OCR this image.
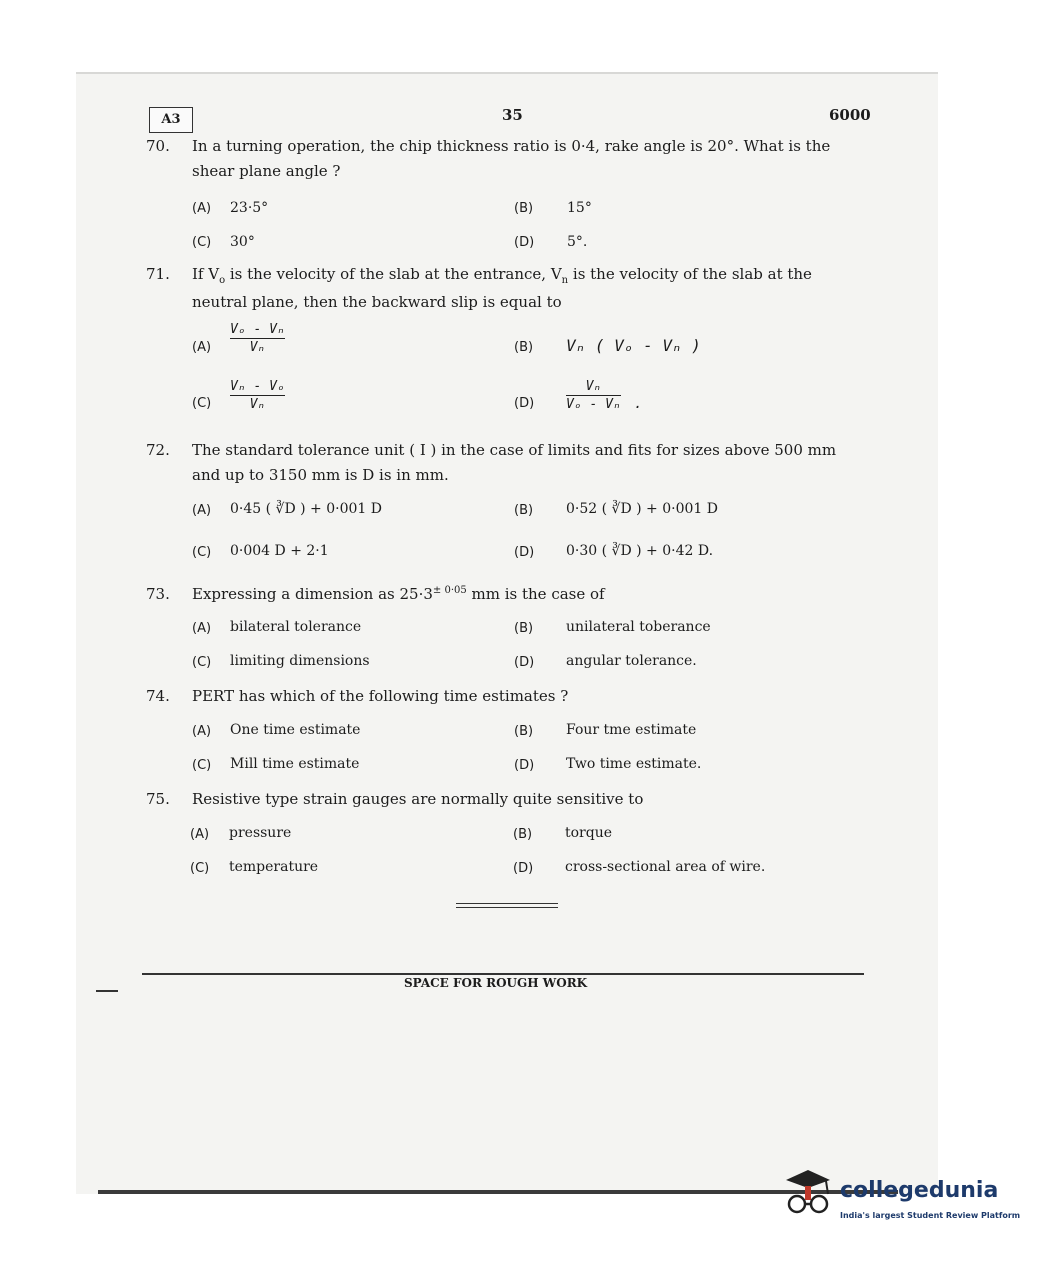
A3	35	6000
70. In a turning operation, the chip thickness ratio is 0·4, rake angle is 20°. What is the
shear plane angle ?
(A) 23·5°	(B) 15°
(C) 30°	(D) 5°.
71. If $V_o$ is the velocity of the slab at the entrance, $V_n$ is the velocity of the slab at the
neutral plane, then the backward slip is equal to
(A)
Vₒ - Vₙ
Vₙ	(B) Vₙ ( Vₒ - Vₙ )
(C)
Vₙ - Vₒ
Vₙ	(D)
Vₙ
Vₒ - Vₙ .
72. The standard tolerance unit ( I ) in the case of limits and fits for sizes above 500 mm
and up to 3150 mm is D is in mm.
(A) 0·45 ( ∛D ) + 0·001 D	(B) 0·52 ( ∛D ) + 0·001 D
(C) 0·004 D + 2·1	(D) 0·30 ( ∛D ) + 0·42 D.
73. Expressing a dimension as $25\cdot 3^{\pm 0\cdot 05}$ mm is the case of
(A) bilateral tolerance	(B) unilateral toberance
(C) limiting dimensions	(D) angular tolerance.
74. PERT has which of the following time estimates ?
(A) One time estimate	(B) Four tme estimate
(C) Mill time estimate	(D) Two time estimate.
75. Resistive type strain gauges are normally quite sensitive to
(A) pressure	(B) torque
(C) temperature	(D) cross-sectional area of wire.
SPACE FOR ROUGH WORK
collegedunia
India's largest Student Review Platform
